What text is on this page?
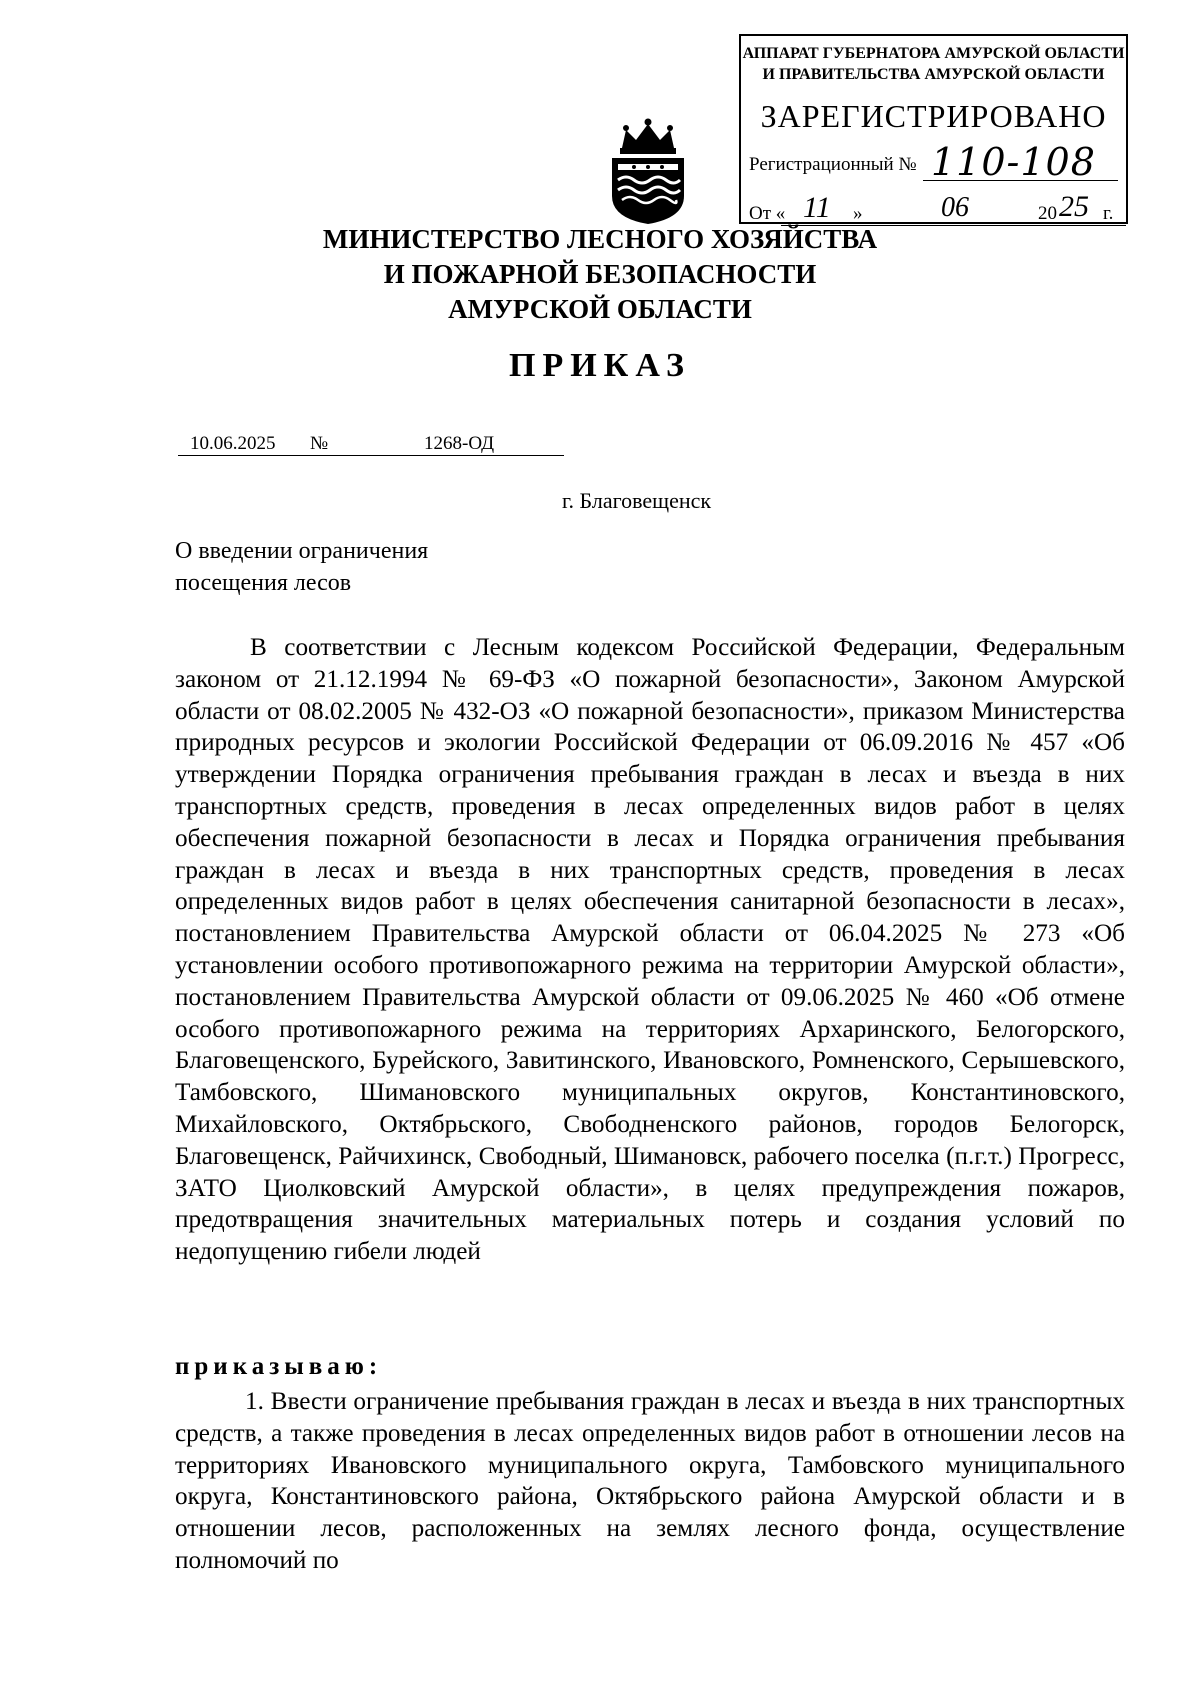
АППАРАТ ГУБЕРНАТОРА АМУРСКОЙ ОБЛАСТИ
И ПРАВИТЕЛЬСТВА АМУРСКОЙ ОБЛАСТИ
ЗАРЕГИСТРИРОВАНО
Регистрационный № 110-108
От « 11 »	06	20 25 г.
МИНИСТЕРСТВО ЛЕСНОГО ХОЗЯЙСТВА
И ПОЖАРНОЙ БЕЗОПАСНОСТИ
АМУРСКОЙ ОБЛАСТИ
ПРИКАЗ
10.06.2025 №	1268-ОД
г. Благовещенск
О введении ограничения
посещения лесов

В соответствии с Лесным кодексом Российской Федерации, Федеральным законом от 21.12.1994 № 69-ФЗ «О пожарной безопасности», Законом Амурской области от 08.02.2005 № 432-ОЗ «О пожарной безопасности», приказом Министерства природных ресурсов и экологии Российской Федерации от 06.09.2016 № 457 «Об утверждении Порядка ограничения пребывания граждан в лесах и въезда в них транспортных средств, проведения в лесах определенных видов работ в целях обеспечения пожарной безопасности в лесах и Порядка ограничения пребывания граждан в лесах и въезда в них транспортных средств, проведения в лесах определенных видов работ в целях обеспечения санитарной безопасности в лесах», постановлением Правительства Амурской области от 06.04.2025 № 273 «Об установлении особого противопожарного режима на территории Амурской области», постановлением Правительства Амурской области от 09.06.2025 № 460 «Об отмене особого противопожарного режима на территориях Архаринского, Белогорского, Благовещенского, Бурейского, Завитинского, Ивановского, Ромненского, Серышевского, Тамбовского, Шимановского муниципальных округов, Константиновского, Михайловского, Октябрьского, Свободненского районов, городов Белогорск, Благовещенск, Райчихинск, Свободный, Шимановск, рабочего поселка (п.г.т.) Прогресс, ЗАТО Циолковский Амурской области», в целях предупреждения пожаров, предотвращения значительных материальных потерь и создания условий по недопущению гибели людей

приказываю:

1. Ввести ограничение пребывания граждан в лесах и въезда в них транспортных средств, а также проведения в лесах определенных видов работ в отношении лесов на территориях Ивановского муниципального округа, Тамбовского муниципального округа, Константиновского района, Октябрьского района Амурской области и в отношении лесов, расположенных на землях лесного фонда, осуществление полномочий по
